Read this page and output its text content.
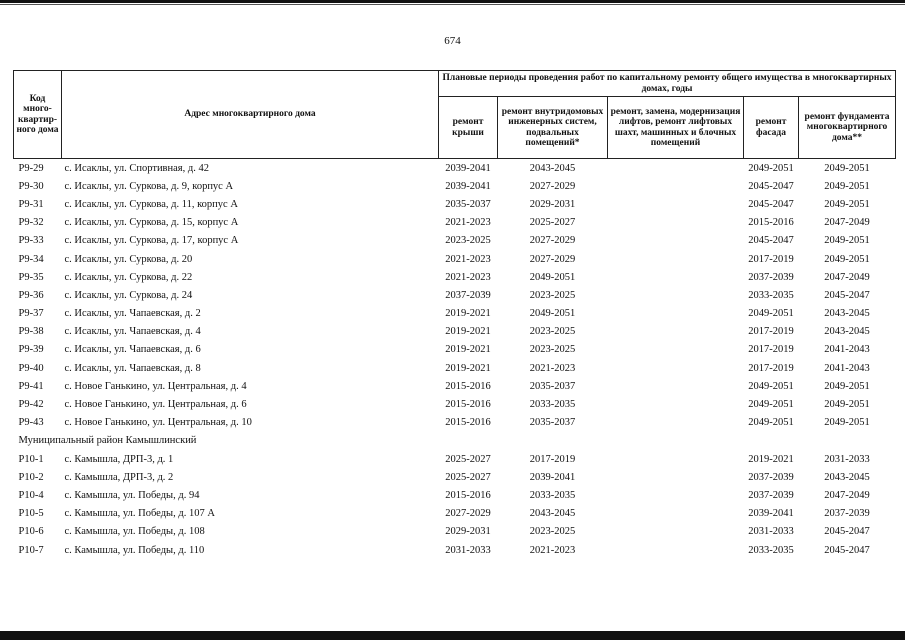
674
Код много-квартир-ного дома	Адрес многоквартирного дома	Плановые периоды проведения работ по капитальному ремонту общего имущества в многоквартирных домах, годы				
		ремонт крыши	ремонт внутридомовых инженерных систем, подвальных помещений*	ремонт, замена, модернизация лифтов, ремонт лифтовых шахт, машинных и блочных помещений	ремонт фасада	ремонт фундамента многоквартирного дома**
Р9-29	с. Исаклы, ул. Спортивная, д. 42	2039-2041	2043-2045		2049-2051	2049-2051
Р9-30	с. Исаклы, ул. Суркова, д. 9, корпус А	2039-2041	2027-2029		2045-2047	2049-2051
Р9-31	с. Исаклы, ул. Суркова, д. 11, корпус А	2035-2037	2029-2031		2045-2047	2049-2051
Р9-32	с. Исаклы, ул. Суркова, д. 15, корпус А	2021-2023	2025-2027		2015-2016	2047-2049
Р9-33	с. Исаклы, ул. Суркова, д. 17, корпус А	2023-2025	2027-2029		2045-2047	2049-2051
Р9-34	с. Исаклы, ул. Суркова, д. 20	2021-2023	2027-2029		2017-2019	2049-2051
Р9-35	с. Исаклы, ул. Суркова, д. 22	2021-2023	2049-2051		2037-2039	2047-2049
Р9-36	с. Исаклы, ул. Суркова, д. 24	2037-2039	2023-2025		2033-2035	2045-2047
Р9-37	с. Исаклы, ул. Чапаевская, д. 2	2019-2021	2049-2051		2049-2051	2043-2045
Р9-38	с. Исаклы, ул. Чапаевская, д. 4	2019-2021	2023-2025		2017-2019	2043-2045
Р9-39	с. Исаклы, ул. Чапаевская, д. 6	2019-2021	2023-2025		2017-2019	2041-2043
Р9-40	с. Исаклы, ул. Чапаевская, д. 8	2019-2021	2021-2023		2017-2019	2041-2043
Р9-41	с. Новое Ганькино, ул. Центральная, д. 4	2015-2016	2035-2037		2049-2051	2049-2051
Р9-42	с. Новое Ганькино, ул. Центральная, д. 6	2015-2016	2033-2035		2049-2051	2049-2051
Р9-43	с. Новое Ганькино, ул. Центральная, д. 10	2015-2016	2035-2037		2049-2051	2049-2051
Муниципальный район Камышлинский						
Р10-1	с. Камышла, ДРП-3, д. 1	2025-2027	2017-2019		2019-2021	2031-2033
Р10-2	с. Камышла, ДРП-3, д. 2	2025-2027	2039-2041		2037-2039	2043-2045
Р10-4	с. Камышла, ул. Победы, д. 94	2015-2016	2033-2035		2037-2039	2047-2049
Р10-5	с. Камышла, ул. Победы, д. 107 А	2027-2029	2043-2045		2039-2041	2037-2039
Р10-6	с. Камышла, ул. Победы, д. 108	2029-2031	2023-2025		2031-2033	2045-2047
Р10-7	с. Камышла, ул. Победы, д. 110	2031-2033	2021-2023		2033-2035	2045-2047
